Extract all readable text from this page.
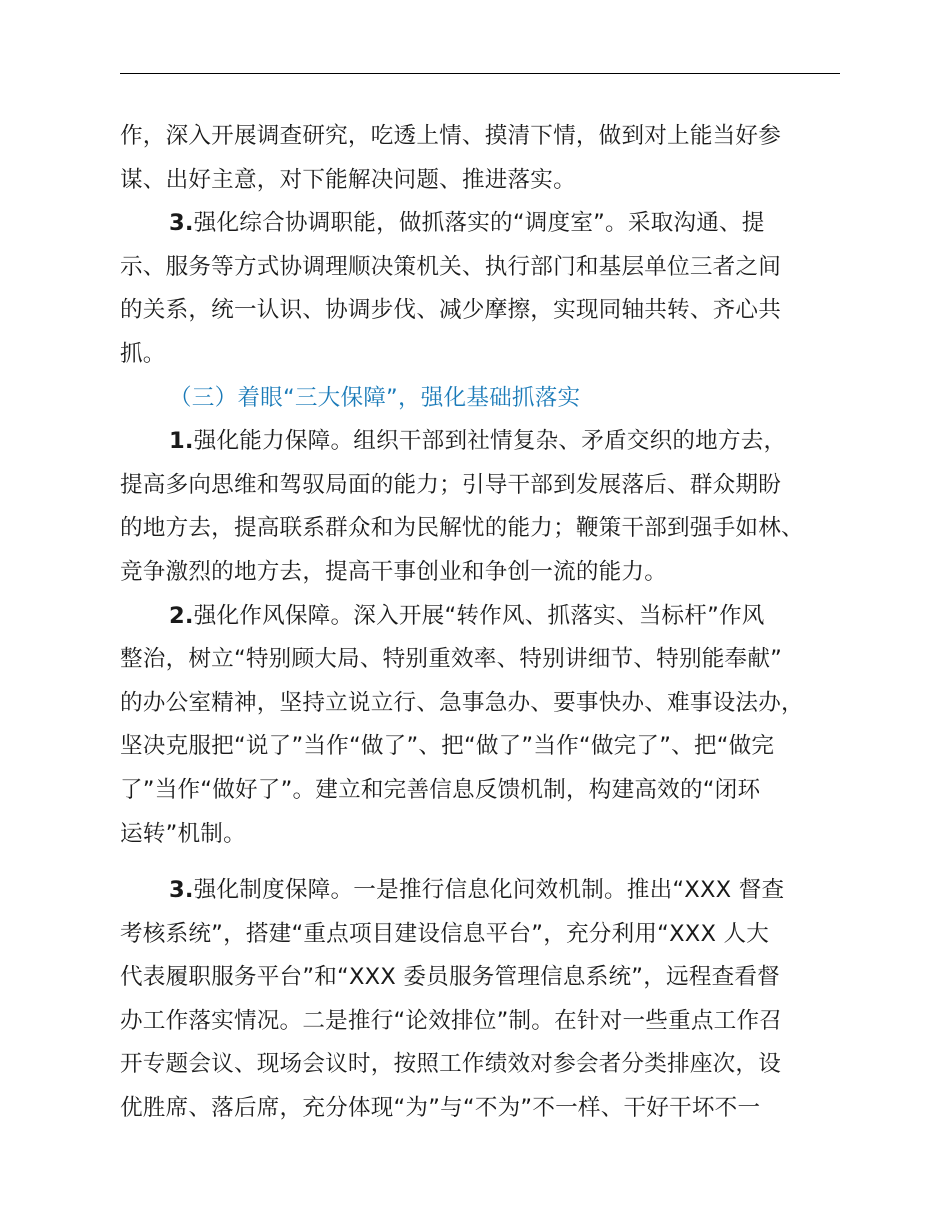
作，深入开展调查研究，吃透上情、摸清下情，做到对上能当好参
谋、出好主意，对下能解决问题、推进落实。
3.强化综合协调职能，做抓落实的“调度室”。采取沟通、提
示、服务等方式协调理顺决策机关、执行部门和基层单位三者之间
的关系，统一认识、协调步伐、减少摩擦，实现同轴共转、齐心共
抓。
（三）着眼“三大保障”，强化基础抓落实
1.强化能力保障。组织干部到社情复杂、矛盾交织的地方去，
提高多向思维和驾驭局面的能力；引导干部到发展落后、群众期盼
的地方去，提高联系群众和为民解忧的能力；鞭策干部到强手如林、
竞争激烈的地方去，提高干事创业和争创一流的能力。
2.强化作风保障。深入开展“转作风、抓落实、当标杆”作风
整治，树立“特别顾大局、特别重效率、特别讲细节、特别能奉献”
的办公室精神，坚持立说立行、急事急办、要事快办、难事设法办，
坚决克服把“说了”当作“做了”、把“做了”当作“做完了”、把“做完
了”当作“做好了”。建立和完善信息反馈机制，构建高效的“闭环
运转”机制。
3.强化制度保障。一是推行信息化问效机制。推出“XXX 督查
考核系统”，搭建“重点项目建设信息平台”，充分利用“XXX 人大
代表履职服务平台”和“XXX 委员服务管理信息系统”，远程查看督
办工作落实情况。二是推行“论效排位”制。在针对一些重点工作召
开专题会议、现场会议时，按照工作绩效对参会者分类排座次，设
优胜席、落后席，充分体现“为”与“不为”不一样、干好干坏不一
